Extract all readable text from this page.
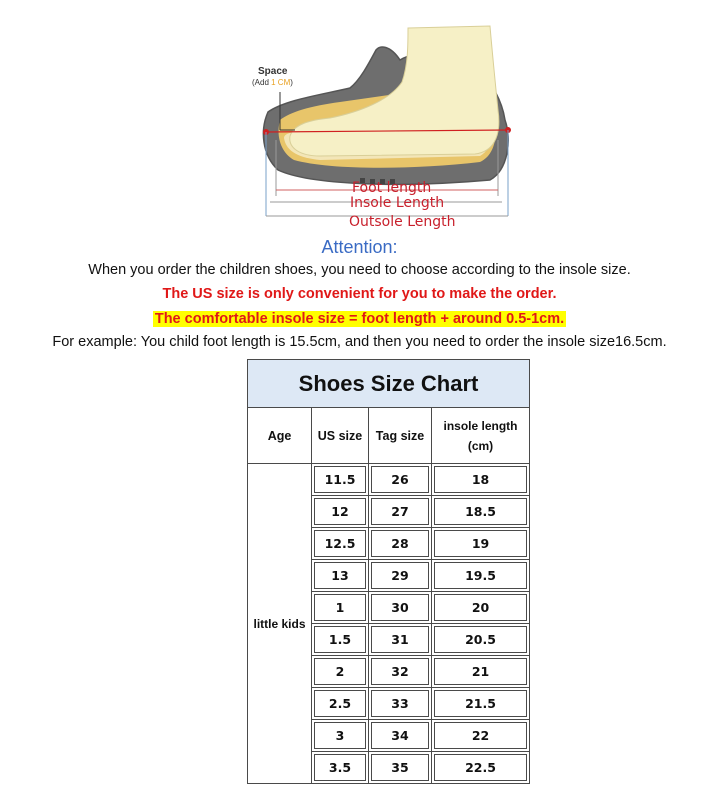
Space
(Add 1 CM)
Foot length
Insole Length
Outsole Length
Attention:
When you order the children shoes, you need to choose according to the insole size.
The US size is only convenient for you to make the order.
The comfortable insole size = foot length + around 0.5-1cm.
For example: You child foot length is 15.5cm, and then you need to order the insole size16.5cm.
Shoes Size Chart			
Age	US size	Tag size	insole length
(cm)

little kids	11.5	26	18
	12	27	18.5
	12.5	28	19
	13	29	19.5
	1	30	20
	1.5	31	20.5
	2	32	21
	2.5	33	21.5
	3	34	22
	3.5	35	22.5
